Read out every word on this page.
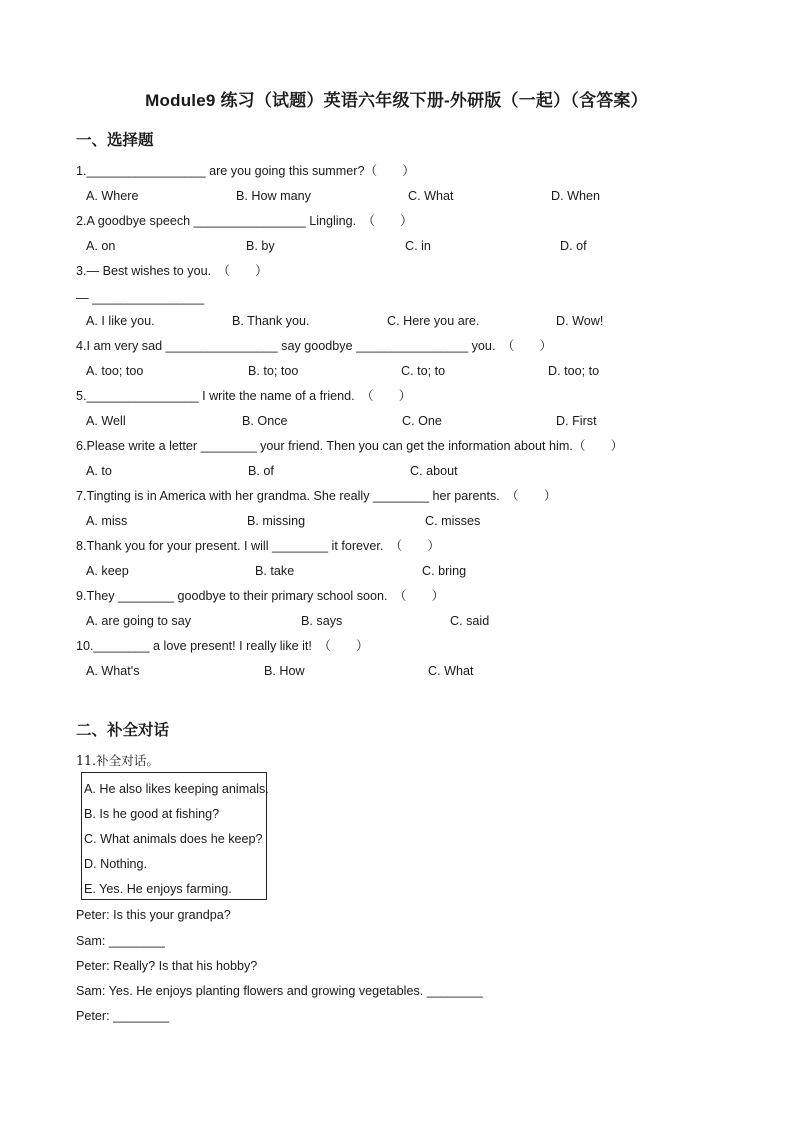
Module9 练习（试题）英语六年级下册-外研版（一起）（含答案）
一、选择题
1._________________ are you going this summer?（　　）
A. Where	B. How many	C. What	D. When
2.A goodbye speech ________________ Lingling.　（　　）
A. on	B. by	C. in	D. of
3.— Best wishes to you.　（　　）
— ________________
A. I like you.	B. Thank you.	C. Here you are.	D. Wow!
4.I am very sad ________________ say goodbye ________________ you.　（　　）
A. too; too	B. to; too	C. to; to	D. too; to
5.________________ I write the name of a friend.　（　　）
A. Well	B. Once	C. One	D. First
6.Please write a letter ________ your friend. Then you can get the information about him.（　　）
A. to	B. of	C. about
7.Tingting is in America with her grandma. She really ________ her parents.　（　　）
A. miss	B. missing	C. misses
8.Thank you for your present. I will ________ it forever.　（　　）
A. keep	B. take	C. bring
9.They ________ goodbye to their primary school soon.　（　　）
A. are going to say	B. says	C. said
10.________ a love present! I really like it!　（　　）
A. What's	B. How	C. What
二、补全对话
11.补全对话。
A. He also likes keeping animals.
B. Is he good at fishing?
C. What animals does he keep?
D. Nothing.
E. Yes. He enjoys farming.
Peter: Is this your grandpa?
Sam: ________
Peter: Really? Is that his hobby?
Sam: Yes. He enjoys planting flowers and growing vegetables. ________
Peter: ________
